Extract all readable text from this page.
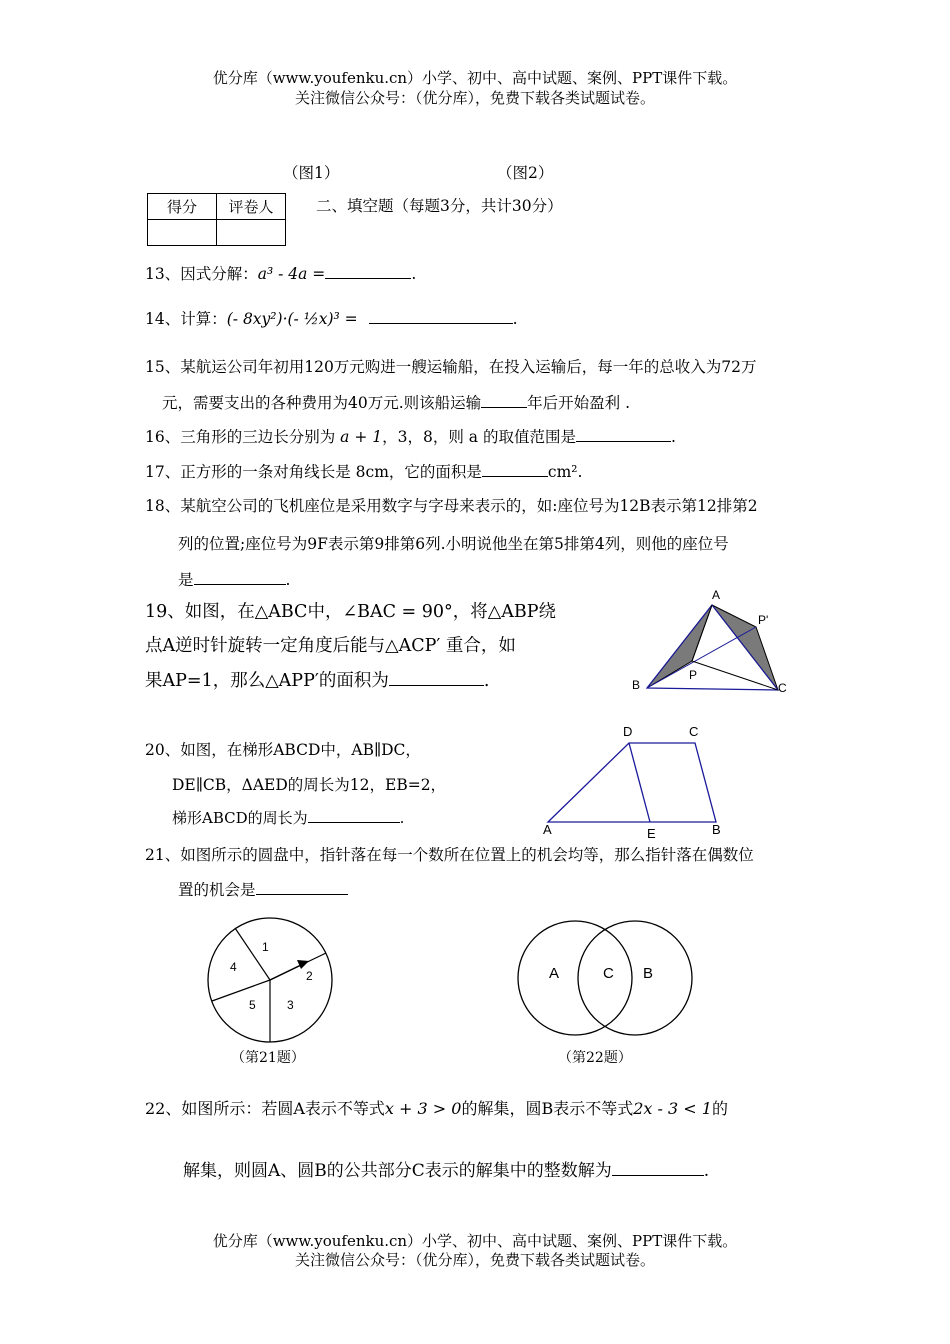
优分库（www.youfenku.cn）小学、初中、高中试题、案例、PPT课件下载。
关注微信公众号：（优分库），免费下载各类试题试卷。
（图1）	（图2）
得分	评卷人
		二、填空题（每题3分，共计30分）
13、因式分解：a³ - 4a =	.
14、计算：(- 8xy²)·(- ½x)³ =	.
15、某航运公司年初用120万元购进一艘运输船，在投入运输后，每一年的总收入为72万
元，需要支出的各种费用为40万元.则该船运输	年后开始盈利 .
16、三角形的三边长分别为 a + 1，3，8，则 a 的取值范围是	.
17、正方形的一条对角线长是 8cm，它的面积是	cm².
18、某航空公司的飞机座位是采用数字与字母来表示的，如:座位号为12B表示第12排第2
列的位置;座位号为9F表示第9排第6列.小明说他坐在第5排第4列，则他的座位号
是	.
19、如图，在△ABC中，∠BAC = 90°，将△ABP绕
点A逆时针旋转一定角度后能与△ACP′ 重合，如
果AP=1，那么△APP′的面积为	.
A
B	C
P
P'
20、如图，在梯形ABCD中，AB∥DC，
DE∥CB，ΔAED的周长为12，EB=2，
梯形ABCD的周长为	.
D	C
A	E	B
21、如图所示的圆盘中，指针落在每一个数所在位置上的机会均等，那么指针落在偶数位
置的机会是
1
2
3
4
5
（第21题）
A	C B
（第22题）
22、如图所示：若圆A表示不等式x + 3 > 0的解集，圆B表示不等式2x - 3 < 1的
解集，则圆A、圆B的公共部分C表示的解集中的整数解为	.
优分库（www.youfenku.cn）小学、初中、高中试题、案例、PPT课件下载。
关注微信公众号：（优分库），免费下载各类试题试卷。
